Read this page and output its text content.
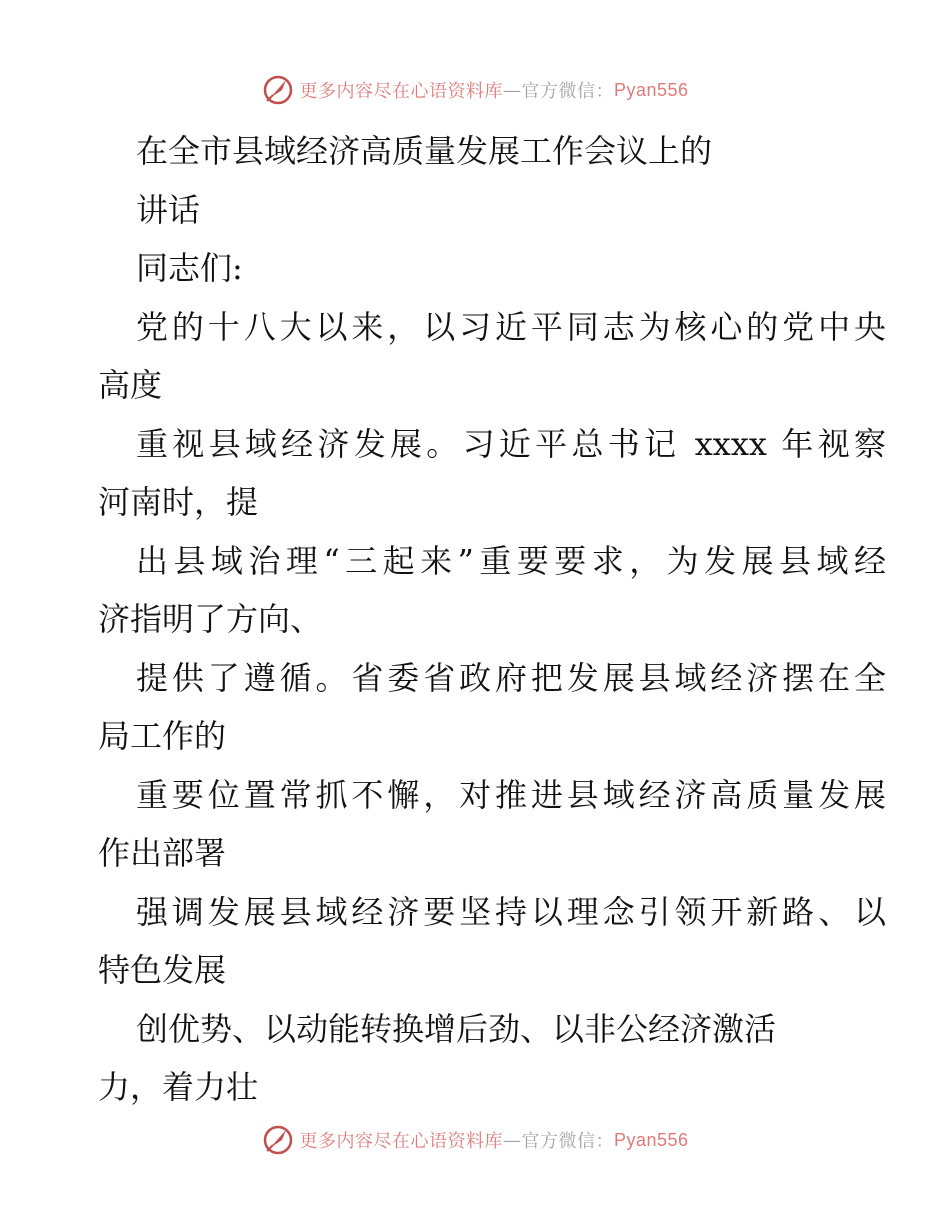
更多内容尽在心语资料库 — 官方微信： Pyan556
在全市县域经济高质量发展工作会议上的
讲话
同志们:
党的十八大以来，以习近平同志为核心的党中央
高度
重视县域经济发展。习近平总书记 xxxx 年视察
河南时，提
出县域治理“三起来”重要要求，为发展县域经
济指明了方向、
提供了遵循。省委省政府把发展县域经济摆在全
局工作的
重要位置常抓不懈，对推进县域经济高质量发展
作出部署
强调发展县域经济要坚持以理念引领开新路、以
特色发展
创优势、以动能转换增后劲、以非公经济激活
力，着力壮
更多内容尽在心语资料库 — 官方微信： Pyan556
